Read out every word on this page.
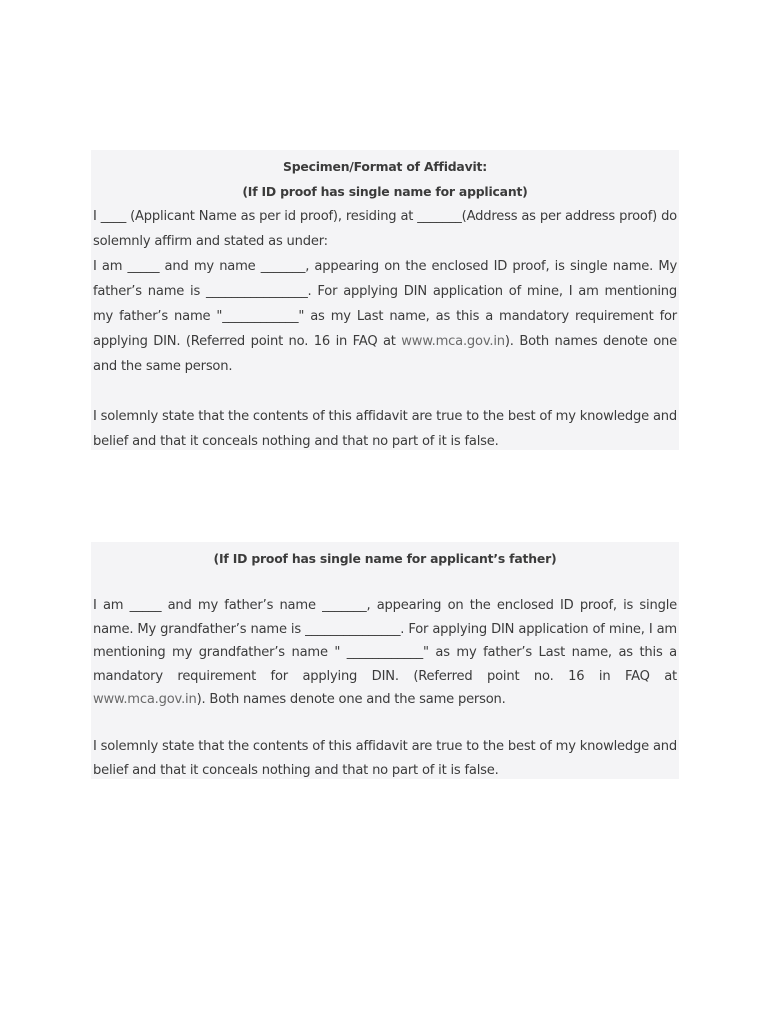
Specimen/Format of Affidavit:
(If ID proof has single name for applicant)
I ____ (Applicant Name as per id proof), residing at _______(Address as per address proof) do solemnly affirm and stated as under:
I am _____ and my name _______, appearing on the enclosed ID proof, is single name. My father’s name is ________________. For applying DIN application of mine, I am mentioning my father’s name "____________" as my Last name, as this a mandatory requirement for applying DIN. (Referred point no. 16 in FAQ at www.mca.gov.in). Both names denote one and the same person.
I solemnly state that the contents of this affidavit are true to the best of my knowledge and belief and that it conceals nothing and that no part of it is false.
(If ID proof has single name for applicant’s father)
I am _____ and my father’s name _______, appearing on the enclosed ID proof, is single name. My grandfather’s name is _______________. For applying DIN application of mine, I am mentioning my grandfather’s name " ____________" as my father’s Last name, as this a mandatory requirement for applying DIN. (Referred point no. 16 in FAQ at www.mca.gov.in). Both names denote one and the same person.
I solemnly state that the contents of this affidavit are true to the best of my knowledge and belief and that it conceals nothing and that no part of it is false.
